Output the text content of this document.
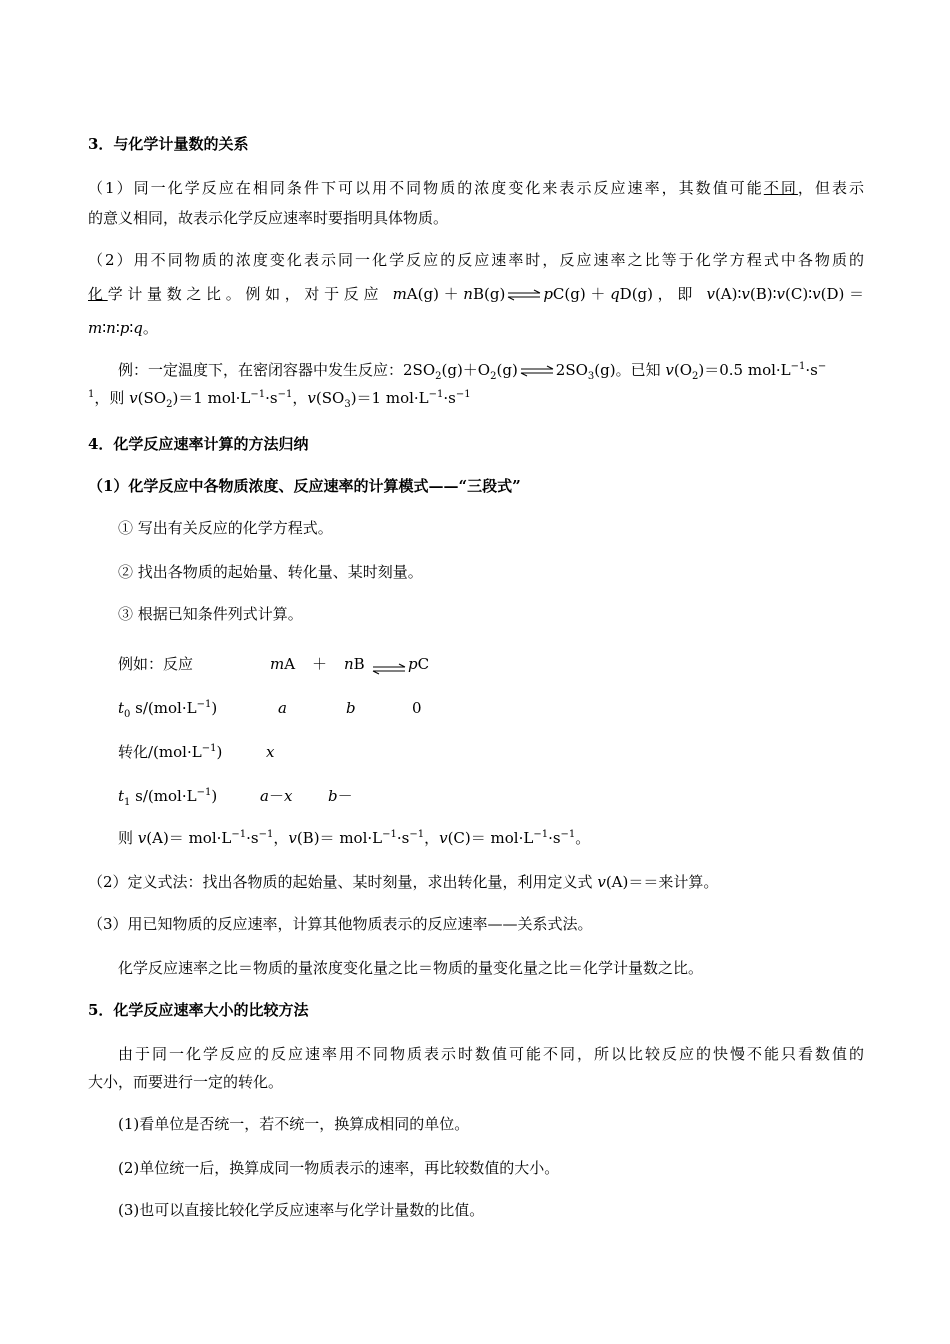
3．与化学计量数的关系
（1）同一化学反应在相同条件下可以用不同物质的浓度变化来表示反应速率，其数值可能不同，但表示
的意义相同，故表示化学反应速率时要指明具体物质。
（2）用不同物质的浓度变化表示同一化学反应的反应速率时，反应速率之比等于化学方程式中各物质的
化学计量数之比。例如，对于反应 mA(g)＋nB(g) ⇌ pC(g)＋qD(g)，即 v(A)∶v(B)∶v(C)∶v(D)＝
m∶n∶p∶q。
例：一定温度下，在密闭容器中发生反应：$2SO_2(g)+O_2(g)$ ⇌ $2SO_3(g)$。已知 $v(O_2)=0.5$ $mol\cdot L^{-1}\cdot s^-$
$^1$，则 $v(SO_2)=1$ $mol\cdot L^{-1}\cdot s^{-1}$，$v(SO_3)=1$ $mol\cdot L^{-1}\cdot s^{-1}$
4．化学反应速率计算的方法归纳
（1）化学反应中各物质浓度、反应速率的计算模式——“三段式”
① 写出有关反应的化学方程式。
② 找出各物质的起始量、转化量、某时刻量。
③ 根据已知条件列式计算。
例如：反应	mA ＋ nB	pC
$t_0$ $s/(mol\cdot L^{-1})$	a	b	0
转化$/(mol\cdot L^{-1})$	x
$t_1$ $s/(mol\cdot L^{-1})$	a－x b－
则 $v(A)= mol\cdot L^{-1}\cdot s^{-1}$，$v(B)= mol\cdot L^{-1}\cdot s^{-1}$，$v(C)= mol\cdot L^{-1}\cdot s^{-1}$。
（2）定义式法：找出各物质的起始量、某时刻量，求出转化量，利用定义式 v(A)＝＝来计算。
（3）用已知物质的反应速率，计算其他物质表示的反应速率——关系式法。
化学反应速率之比＝物质的量浓度变化量之比＝物质的量变化量之比＝化学计量数之比。
5．化学反应速率大小的比较方法
由于同一化学反应的反应速率用不同物质表示时数值可能不同，所以比较反应的快慢不能只看数值的
大小，而要进行一定的转化。
(1)看单位是否统一，若不统一，换算成相同的单位。
(2)单位统一后，换算成同一物质表示的速率，再比较数值的大小。
(3)也可以直接比较化学反应速率与化学计量数的比值。
